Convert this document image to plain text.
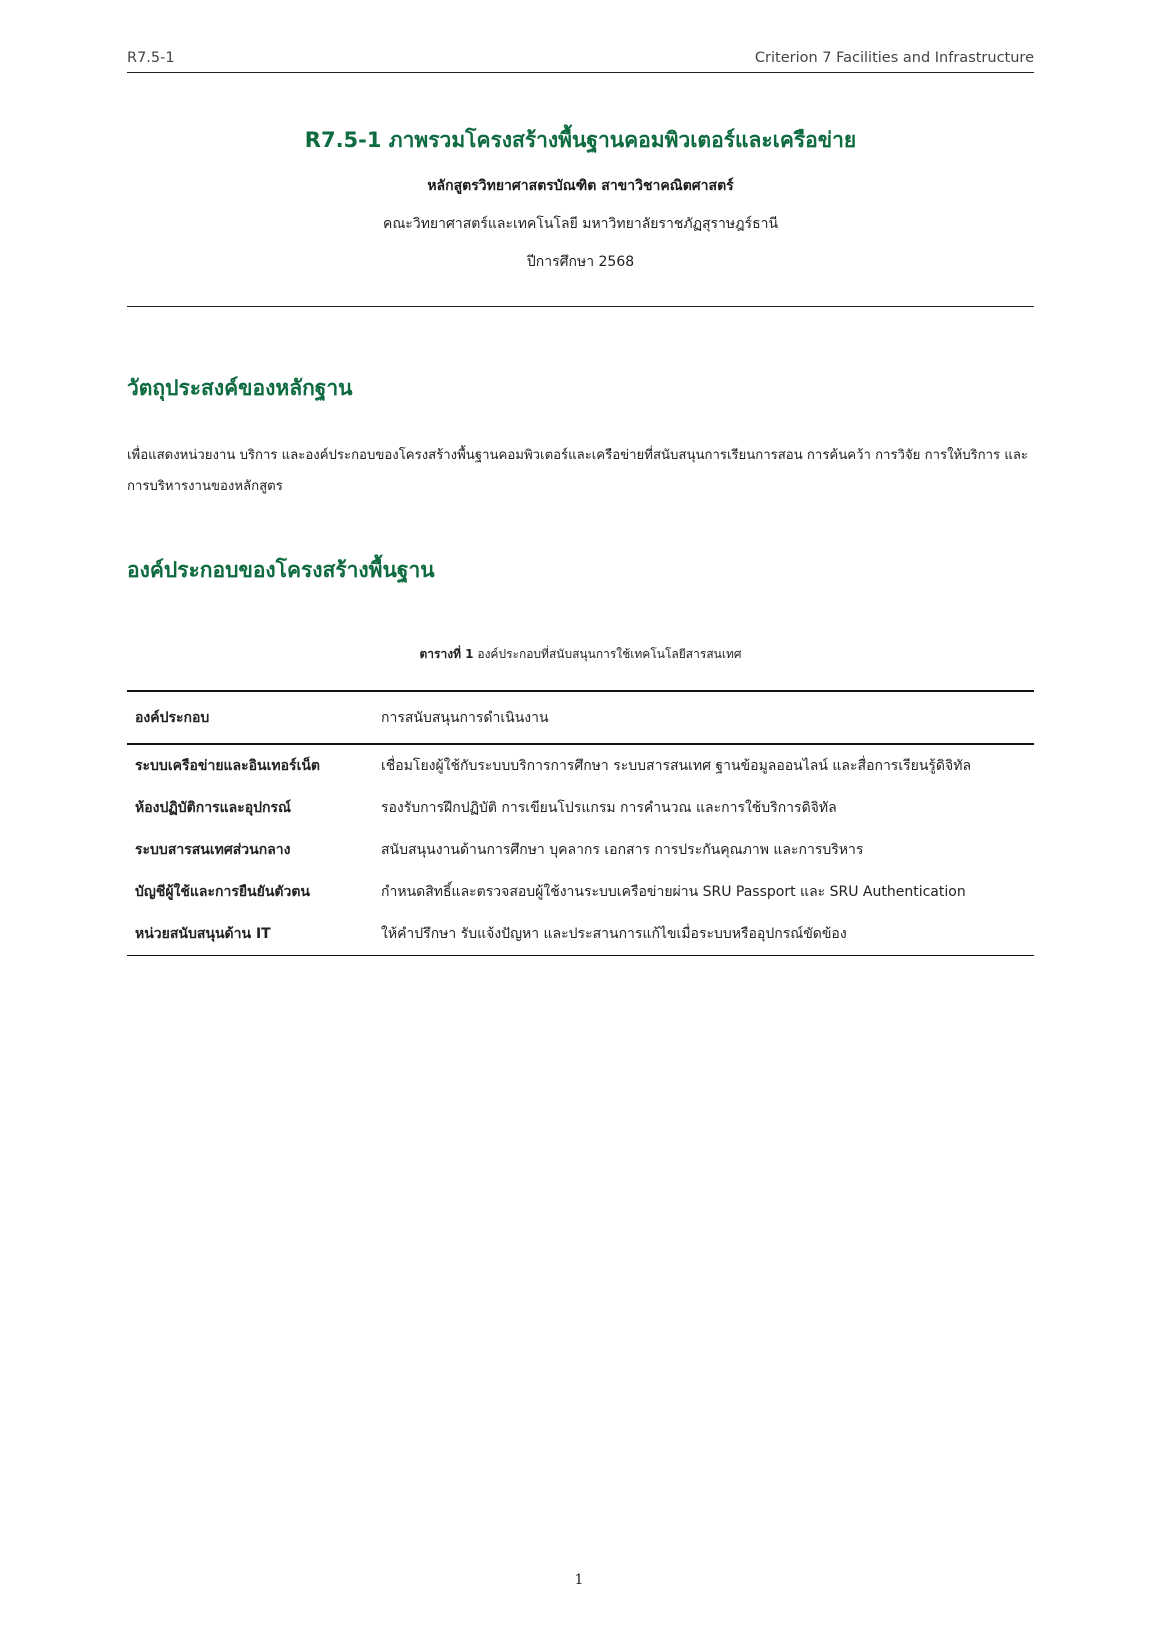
R7.5-1	Criterion 7 Facilities and Infrastructure
R7.5-1 ภาพรวมโครงสร้างพื้นฐานคอมพิวเตอร์และเครือข่าย
หลักสูตรวิทยาศาสตรบัณฑิต สาขาวิชาคณิตศาสตร์
คณะวิทยาศาสตร์และเทคโนโลยี มหาวิทยาลัยราชภัฏสุราษฎร์ธานี
ปีการศึกษา 2568
วัตถุประสงค์ของหลักฐาน

เพื่อแสดงหน่วยงาน บริการ และองค์ประกอบของโครงสร้างพื้นฐานคอมพิวเตอร์และเครือข่ายที่สนับสนุนการเรียนการสอน การค้นคว้า การวิจัย การให้บริการ และการบริหารงานของหลักสูตร

องค์ประกอบของโครงสร้างพื้นฐาน
ตารางที่ 1 องค์ประกอบที่สนับสนุนการใช้เทคโนโลยีสารสนเทศ
องค์ประกอบ	การสนับสนุนการดำเนินงาน
ระบบเครือข่ายและอินเทอร์เน็ต	เชื่อมโยงผู้ใช้กับระบบบริการการศึกษา ระบบสารสนเทศ ฐานข้อมูลออนไลน์ และสื่อการเรียนรู้ดิจิทัล
ห้องปฏิบัติการและอุปกรณ์	รองรับการฝึกปฏิบัติ การเขียนโปรแกรม การคำนวณ และการใช้บริการดิจิทัล
ระบบสารสนเทศส่วนกลาง	สนับสนุนงานด้านการศึกษา บุคลากร เอกสาร การประกันคุณภาพ และการบริหาร
บัญชีผู้ใช้และการยืนยันตัวตน	กำหนดสิทธิ์และตรวจสอบผู้ใช้งานระบบเครือข่ายผ่าน SRU Passport และ SRU Authentication
หน่วยสนับสนุนด้าน IT	ให้คำปรึกษา รับแจ้งปัญหา และประสานการแก้ไขเมื่อระบบหรืออุปกรณ์ขัดข้อง
1
